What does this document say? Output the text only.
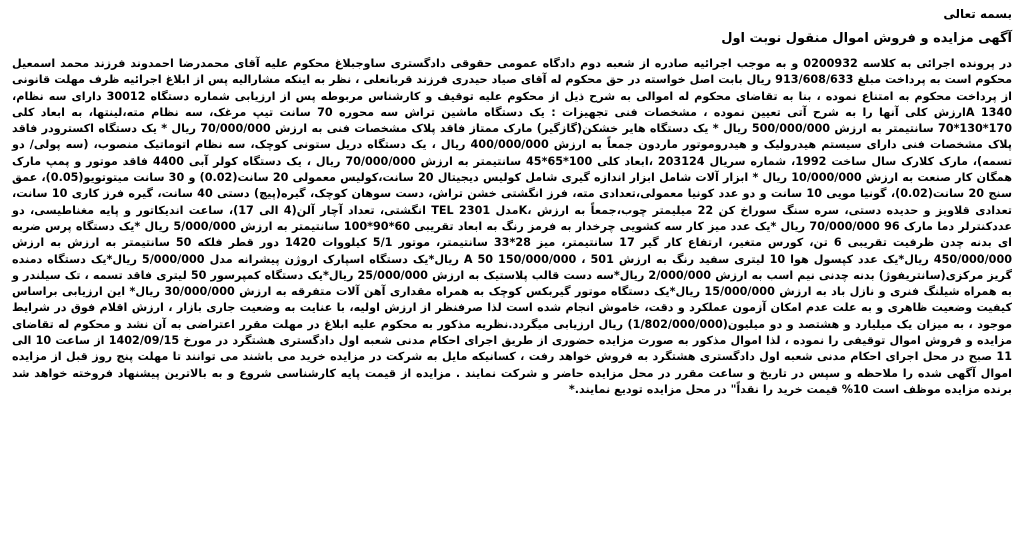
بسمه تعالی
آگهی مزایده و فروش اموال منقول نوبت اول

در پرونده اجرائی به کلاسه 0200932 و به موجب اجرائیه صادره از شعبه دوم دادگاه عمومی حقوقی دادگستری ساوجبلاغ محکوم علیه آقای محمدرضا احمدوند فرزند محمد اسمعیل محکوم است به پرداخت مبلغ 913/608/633 ریال بابت اصل خواسته در حق محکوم له آقای صیاد حیدری فرزند قربانعلی ، نظر به اینکه مشارالیه پس از ابلاغ اجرائیه ظرف مهلت قانونی از پرداخت محکوم به امتناع نموده ، بنا به تقاضای محکوم له اموالی به شرح ذیل از محکوم علیه توقیف و کارشناس مربوطه پس از ارزیابی شماره دستگاه 30012 دارای سه نظام، 1340 Aارزش کلی آنها را به شرح آتی تعیین نموده ، مشخصات فنی تجهیزات : یک دستگاه ماشین تراش سه محوره 70 سانت تیپ مرغک، سه نظام مته،لینتها، به ابعاد کلی 170*130*70 سانتیمتر به ارزش 500/000/000 ریال * یک دستگاه هایر خشکن(گازگیر) مارک ممتاز فاقد پلاک مشخصات فنی به ارزش 70/000/000 ریال * یک دستگاه اکسترودر فاقد پلاک مشخصات فنی دارای سیستم هیدرولیک و هیدروموتور ماردون جمعاً به ارزش 400/000/000 ریال ، یک دستگاه دریل ستونی کوچک، سه نظام اتوماتیک منصوب، (سه پولی/ دو تسمه)، مارک کلارک سال ساخت 1992، شماره سریال 203124 ،ابعاد کلی 100*65*45 سانتیمتر به ارزش 70/000/000 ریال ، یک دستگاه کولر آبی 4400 فاقد موتور و پمپ مارک همگان کار صنعت به ارزش 10/000/000 ریال * ابزار آلات شامل ابزار اندازه گیری شامل کولیس دیجیتال 20 سانت،کولیس معمولی 20 سانت(0.02) و 30 سانت میتوتویو(0.05)، عمق سنج 20 سانت(0.02)، گونیا مویی 10 سانت و دو عدد کونیا معمولی،تعدادی مته، فرز انگشتی خشن تراش، دست سوهان کوچک، گیره(پیچ) دستی 40 سانت، گیره فرز کاری 10 سانت، تعدادی قلاویز و حدیده دستی، سره سنگ سوراخ کن 22 میلیمتر چوب،جمعاً به ارزش ،Kمدل TEL 2301 انگشتی، تعداد آچار آلن(4 الی 17)، ساعت اندیکاتور و پایه مغناطیسی، دو عددکنترلر دما مارک 96 70/000/000 ریال *یک عدد میز کار سه کشویی چرخدار به فرمز رنگ به ابعاد تقریبی 60*90*100 سانتیمتر به ارزش 5/000/000 ریال *یک دستگاه پرس ضربه ای بدنه چدن ظرفیت تقریبی 6 تن، کورس متغیر، ارتفاع کار گیر 17 سانتیمتر، میز 28*33 سانتیمتر، موتور 5/1 کیلووات 1420 دور قطر فلکه 50 سانتیمتر به ارزش به ارزش 450/000/000 ریال*یک عدد کپسول هوا 10 لیتری سفید رنگ به ارزش 501 ، A 50 150/000/000 ریال*یک دستگاه اسپارک اروژن پیشرانه مدل 5/000/000 ریال*یک دستگاه دمنده گریز مرکزی(سانتریفوژ) بدنه چدنی نیم اسب به ارزش 2/000/000 ریال*سه دست قالب پلاستیک به ارزش 25/000/000 ریال*یک دستگاه کمپرسور 50 لیتری فاقد تسمه ، تک سیلندر و به همراه شیلنگ فنری و نازل باد به ارزش 15/000/000 ریال*یک دستگاه موتور گیربکس کوچک به همراه مقداری آهن آلات متفرقه به ارزش 30/000/000 ریال* این ارزیابی براساس کیفیت وضعیت ظاهری و به علت عدم امکان آزمون عملکرد و دقت، خاموش انجام شده است لذا صرفنظر از ارزش اولیه، با عنایت به وضعیت جاری بازار ، ارزش اقلام فوق در شرایط موجود ، به میزان یک میلیارد و هشتصد و دو میلیون(1/802/000/000) ریال ارزیابی میگردد.نظریه مذکور به محکوم علیه ابلاغ در مهلت مقرر اعتراضی به آن نشد و محکوم له تقاضای مزایده و فروش اموال توقیفی را نموده ، لذا اموال مذکور به صورت مزایده حضوری از طریق اجرای احکام مدنی شعبه اول دادگستری هشتگرد در مورخ 1402/09/15 از ساعت 10 الی 11 صبح در محل اجرای احکام مدنی شعبه اول دادگستری هشتگرد به فروش خواهد رفت ، کسانیکه مایل به شرکت در مزایده خرید می باشند می توانند تا مهلت پنج روز قبل از مزایده اموال آگهی شده را ملاحظه و سپس در تاریخ و ساعت مقرر در محل مزایده حاضر و شرکت نمایند . مزایده از قیمت پایه کارشناسی شروع و به بالاترین پیشنهاد فروخته خواهد شد برنده مزایده موظف است 10% قیمت خرید را نقداً" در محل مزایده تودیع نمایند.*
